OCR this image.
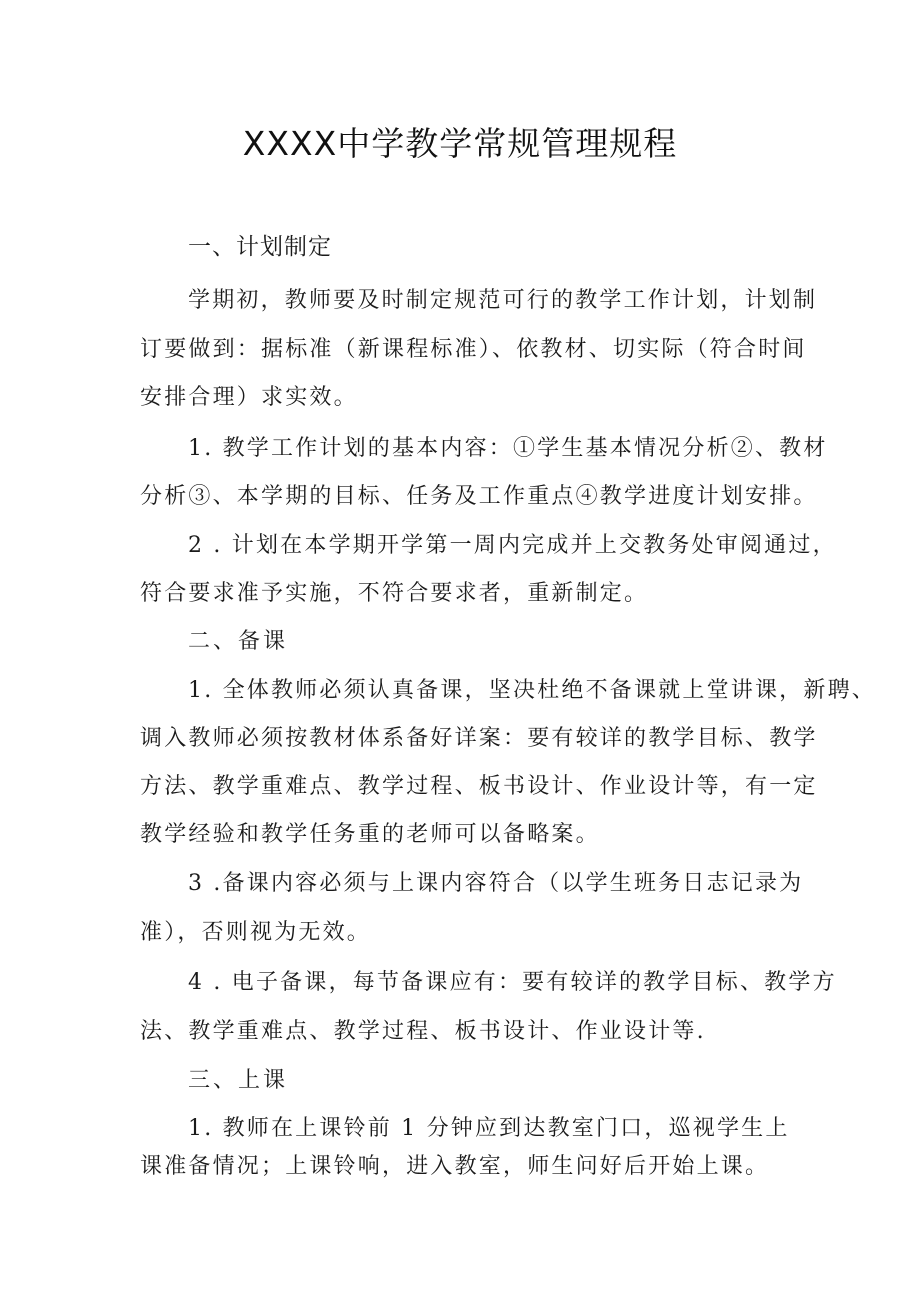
XXXX中学教学常规管理规程

一、计划制定

学期初，教师要及时制定规范可行的教学工作计划，计划制

订要做到：据标准（新课程标准）、依教材、切实际（符合时间

安排合理）求实效。

1. 教学工作计划的基本内容：①学生基本情况分析②、教材

分析③、本学期的目标、任务及工作重点④教学进度计划安排。

2 . 计划在本学期开学第一周内完成并上交教务处审阅通过，

符合要求准予实施，不符合要求者，重新制定。

二、备课

1. 全体教师必须认真备课，坚决杜绝不备课就上堂讲课，新聘、

调入教师必须按教材体系备好详案：要有较详的教学目标、教学

方法、教学重难点、教学过程、板书设计、作业设计等，有一定

教学经验和教学任务重的老师可以备略案。

3 .备课内容必须与上课内容符合（以学生班务日志记录为

准），否则视为无效。

4 . 电子备课，每节备课应有：要有较详的教学目标、教学方

法、教学重难点、教学过程、板书设计、作业设计等.

三、上课

1. 教师在上课铃前 1 分钟应到达教室门口，巡视学生上

课准备情况；上课铃响，进入教室，师生问好后开始上课。
